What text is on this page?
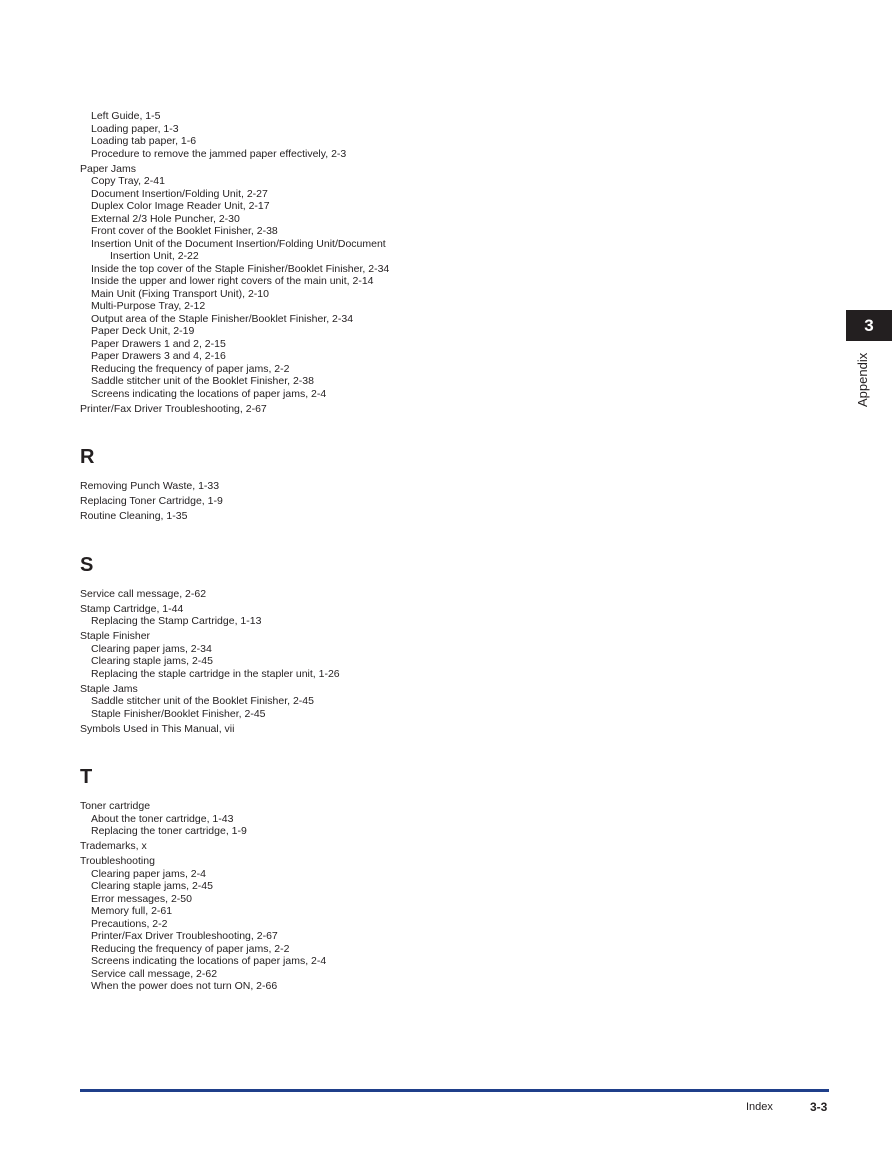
Left Guide, 1-5
Loading paper, 1-3
Loading tab paper, 1-6
Procedure to remove the jammed paper effectively, 2-3
Paper Jams
Copy Tray, 2-41
Document Insertion/Folding Unit, 2-27
Duplex Color Image Reader Unit, 2-17
External 2/3 Hole Puncher, 2-30
Front cover of the Booklet Finisher, 2-38
Insertion Unit of the Document Insertion/Folding Unit/Document
Insertion Unit, 2-22
Inside the top cover of the Staple Finisher/Booklet Finisher, 2-34
Inside the upper and lower right covers of the main unit, 2-14
Main Unit (Fixing Transport Unit), 2-10
Multi-Purpose Tray, 2-12
Output area of the Staple Finisher/Booklet Finisher, 2-34
Paper Deck Unit, 2-19
Paper Drawers 1 and 2, 2-15
Paper Drawers 3 and 4, 2-16
Reducing the frequency of paper jams, 2-2
Saddle stitcher unit of the Booklet Finisher, 2-38
Screens indicating the locations of paper jams, 2-4
Printer/Fax Driver Troubleshooting, 2-67
R
Removing Punch Waste, 1-33
Replacing Toner Cartridge, 1-9
Routine Cleaning, 1-35
S
Service call message, 2-62
Stamp Cartridge, 1-44
Replacing the Stamp Cartridge, 1-13
Staple Finisher
Clearing paper jams, 2-34
Clearing staple jams, 2-45
Replacing the staple cartridge in the stapler unit, 1-26
Staple Jams
Saddle stitcher unit of the Booklet Finisher, 2-45
Staple Finisher/Booklet Finisher, 2-45
Symbols Used in This Manual, vii
T
Toner cartridge
About the toner cartridge, 1-43
Replacing the toner cartridge, 1-9
Trademarks, x
Troubleshooting
Clearing paper jams, 2-4
Clearing staple jams, 2-45
Error messages, 2-50
Memory full, 2-61
Precautions, 2-2
Printer/Fax Driver Troubleshooting, 2-67
Reducing the frequency of paper jams, 2-2
Screens indicating the locations of paper jams, 2-4
Service call message, 2-62
When the power does not turn ON, 2-66
3
Appendix
Index	3-3
